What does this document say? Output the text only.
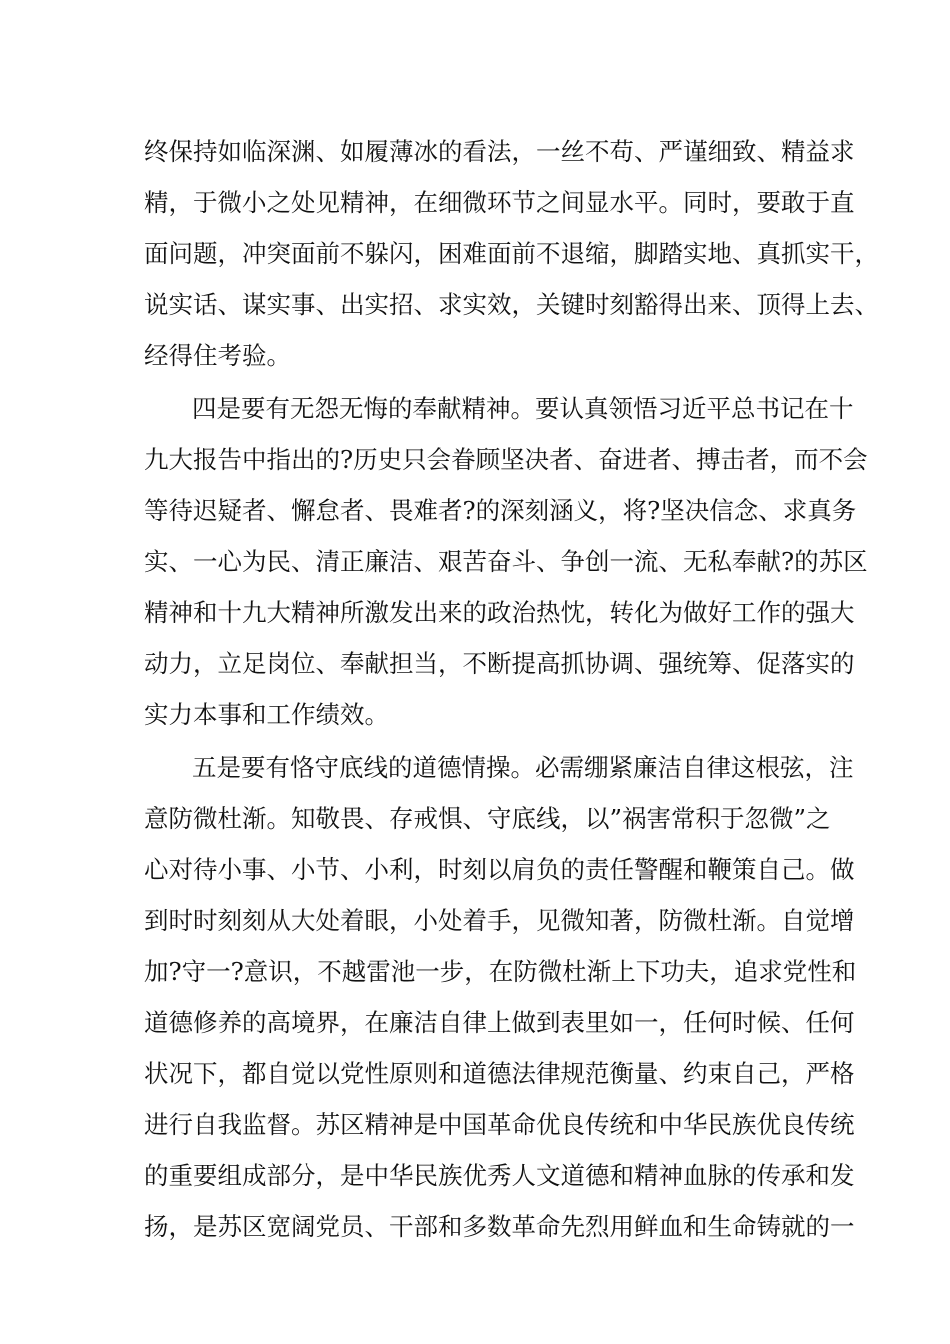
终保持如临深渊、如履薄冰的看法，一丝不苟、严谨细致、精益求
精，于微小之处见精神，在细微环节之间显水平。同时，要敢于直
面问题，冲突面前不躲闪，困难面前不退缩，脚踏实地、真抓实干，
说实话、谋实事、出实招、求实效，关键时刻豁得出来、顶得上去、
经得住考验。
四是要有无怨无悔的奉献精神。要认真领悟习近平总书记在十
九大报告中指出的?历史只会眷顾坚决者、奋进者、搏击者，而不会
等待迟疑者、懈怠者、畏难者?的深刻涵义，将?坚决信念、求真务
实、一心为民、清正廉洁、艰苦奋斗、争创一流、无私奉献?的苏区
精神和十九大精神所激发出来的政治热忱，转化为做好工作的强大
动力，立足岗位、奉献担当，不断提高抓协调、强统筹、促落实的
实力本事和工作绩效。
五是要有恪守底线的道德情操。必需绷紧廉洁自律这根弦，注
意防微杜渐。知敬畏、存戒惧、守底线，以”祸害常积于忽微”之
心对待小事、小节、小利，时刻以肩负的责任警醒和鞭策自己。做
到时时刻刻从大处着眼，小处着手，见微知著，防微杜渐。自觉增
加?守一?意识，不越雷池一步，在防微杜渐上下功夫，追求党性和
道德修养的高境界，在廉洁自律上做到表里如一，任何时候、任何
状况下，都自觉以党性原则和道德法律规范衡量、约束自己，严格
进行自我监督。苏区精神是中国革命优良传统和中华民族优良传统
的重要组成部分，是中华民族优秀人文道德和精神血脉的传承和发
扬，是苏区宽阔党员、干部和多数革命先烈用鲜血和生命铸就的一
